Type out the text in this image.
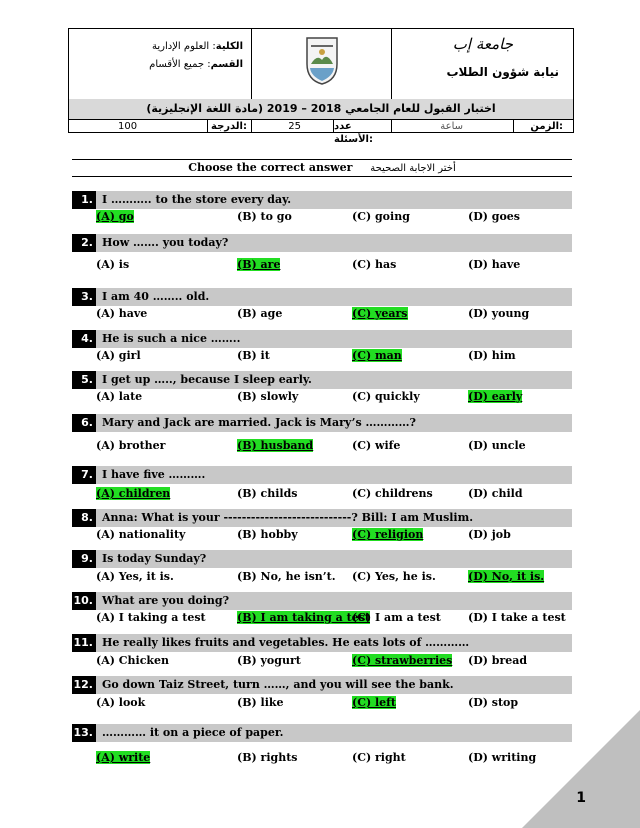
جامعة إب
نيابة شؤون الطلاب
الكلية: العلوم الإدارية
القسم: جميع الأقسام
اختبار القبول للعام الجامعي 2018 – 2019 (مادة اللغة الإنجليزية)
الزمن:
ساعة
عدد الأسئلة:
25
الدرجة:
100
Choose the correct answer أختر الاجابة الصحيحة
1. I ……….. to the store every day.
(A) go	(B) to go	(C) going	(D) goes
2. How ……. you today?
(A) is	(B) are	(C) has	(D) have
3. I am 40 …….. old.
(A) have	(B) age	(C) years	(D) young
4. He is such a nice ……..
(A) girl	(B) it	(C) man	(D) him
5. I get up ….., because I sleep early.
(A) late	(B) slowly	(C) quickly	(D) early
6. Mary and Jack are married. Jack is Mary’s …………?
(A) brother	(B) husband	(C) wife	(D) uncle
7. I have five ……….
(A) children	(B) childs	(C) childrens	(D) child
8. Anna: What is your ----------------------------? Bill: I am Muslim.
(A) nationality	(B) hobby	(C) religion	(D) job
9. Is today Sunday?
(A) Yes, it is.	(B) No, he isn’t. (C) Yes, he is.	(D) No, it is.
10. What are you doing?
(A) I taking a test	(B) I am taking a test
(C) I am a test (D) I take a test
11. He really likes fruits and vegetables. He eats lots of …………
(A) Chicken	(B) yogurt	(C) strawberries (D) bread
12. Go down Taiz Street, turn ……, and you will see the bank.
(A) look	(B) like	(C) left	(D) stop
13. ………… it on a piece of paper.
(A) write	(B) rights	(C) right	(D) writing
1
